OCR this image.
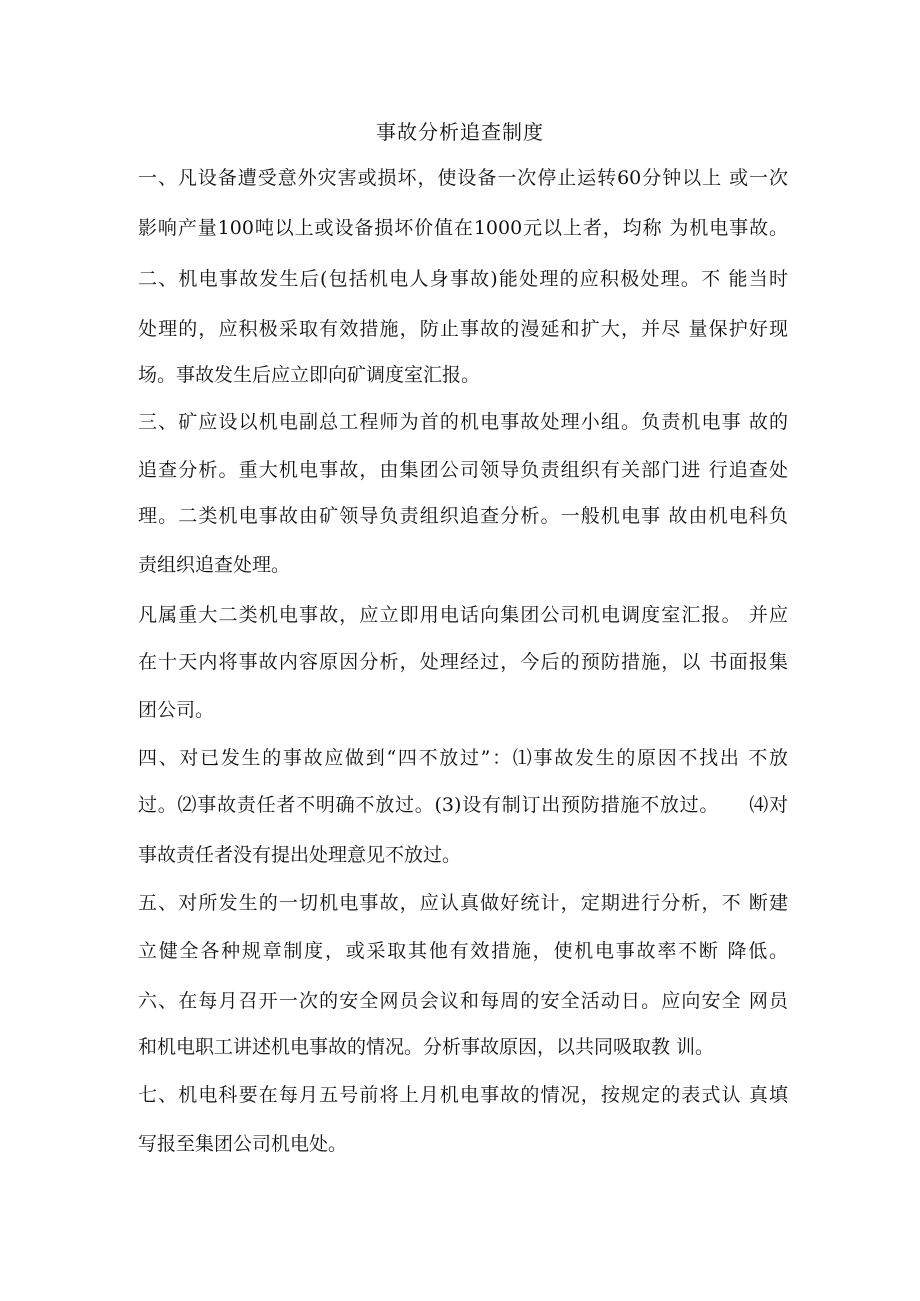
事故分析追查制度
一、凡设备遭受意外灾害或损坏，使设备一次停止运转60分钟以上 或一次
影响产量100吨以上或设备损坏价值在1000元以上者，均称 为机电事故。
二、机电事故发生后(包括机电人身事故)能处理的应积极处理。不 能当时
处理的，应积极采取有效措施，防止事故的漫延和扩大，并尽 量保护好现
场。事故发生后应立即向矿调度室汇报。
三、矿应设以机电副总工程师为首的机电事故处理小组。负责机电事 故的
追查分析。重大机电事故，由集团公司领导负责组织有关部门进 行追查处
理。二类机电事故由矿领导负责组织追查分析。一般机电事 故由机电科负
责组织追查处理。
凡属重大二类机电事故，应立即用电话向集团公司机电调度室汇报。 并应
在十天内将事故内容原因分析，处理经过，今后的预防措施，以 书面报集
团公司。
四、对已发生的事故应做到“四不放过”：⑴事故发生的原因不找出 不放
过。⑵事故责任者不明确不放过。(3)设有制订出预防措施不放过。　　⑷对
事故责任者没有提出处理意见不放过。
五、对所发生的一切机电事故，应认真做好统计，定期进行分析，不 断建
立健全各种规章制度，或采取其他有效措施，使机电事故率不断 降低。
六、在每月召开一次的安全网员会议和每周的安全活动日。应向安全 网员
和机电职工讲述机电事故的情况。分析事故原因，以共同吸取教 训。
七、机电科要在每月五号前将上月机电事故的情况，按规定的表式认 真填
写报至集团公司机电处。
